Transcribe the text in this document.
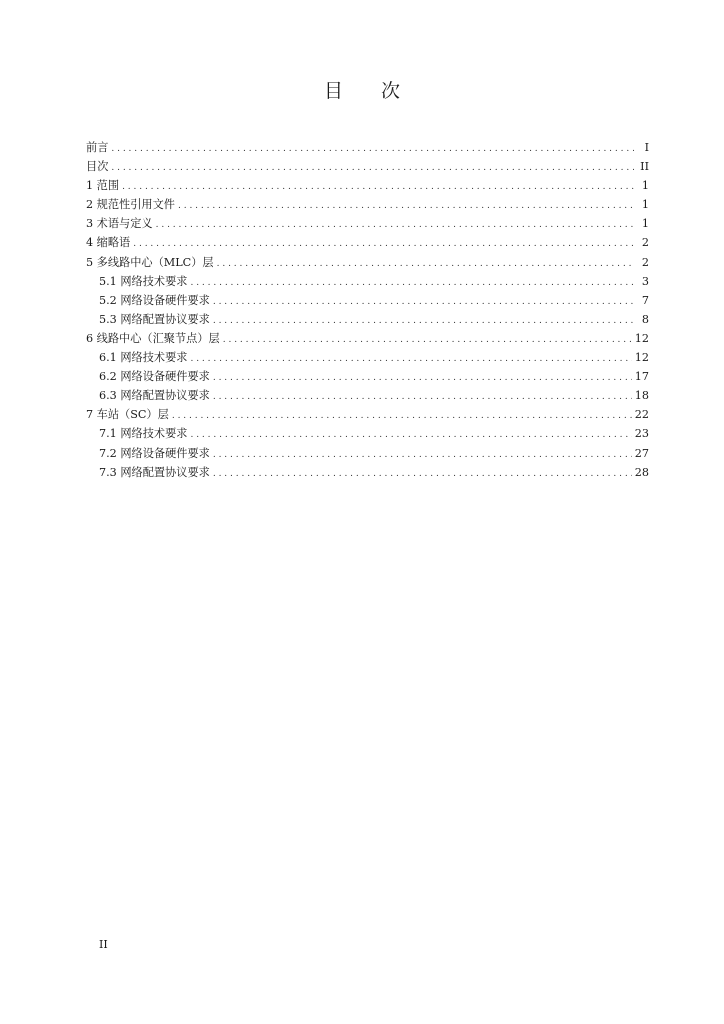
目 次
前言 . . .	I
目次 . . .	II
1 范围 . . .	1
2 规范性引用文件 . . .	1
3 术语与定义 . . .	1
4 缩略语 . . .	2
5 多线路中心（MLC）层 . . .	2
5.1 网络技术要求 . . .	3
5.2 网络设备硬件要求 . . .	7
5.3 网络配置协议要求 . . .	8
6 线路中心（汇聚节点）层 . . .	12
6.1 网络技术要求 . . .	12
6.2 网络设备硬件要求 . . .	17
6.3 网络配置协议要求 . . .	18
7 车站（SC）层 . . .	22
7.1 网络技术要求 . . .	23
7.2 网络设备硬件要求 . . .	27
7.3 网络配置协议要求 . . .	28
II
